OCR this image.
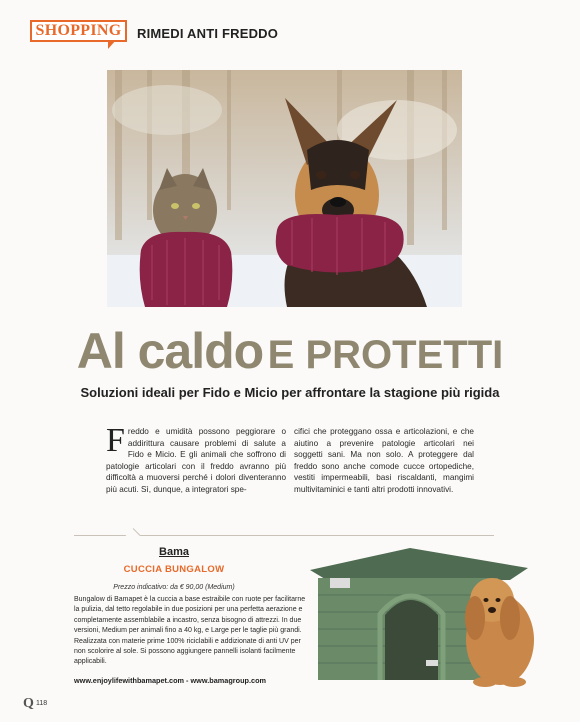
SHOPPING RIMEDI ANTI FREDDO
Al caldo E PROTETTI
Soluzioni ideali per Fido e Micio per affrontare la stagione più rigida
F reddo e umidità possono peggiorare o addirittura causare problemi di salute a Fido e Micio. E gli animali che soffrono di patologie articolari con il freddo avranno più difficoltà a muoversi perché i dolori diventeranno più acuti. Sì, dunque, a integratori spe-
cifici che proteggano ossa e articolazioni, e che aiutino a prevenire patologie articolari nei soggetti sani. Ma non solo. A proteggere dal freddo sono anche comode cucce ortopediche, vestiti impermeabili, basi riscaldanti, mangimi multivitaminici e tanti altri prodotti innovativi.
Bama
CUCCIA BUNGALOW
Prezzo indicativo: da € 90,00 (Medium)
Bungalow di Bamapet è la cuccia a base estraibile con ruote per facilitarne la pulizia, dal tetto regolabile in due posizioni per una perfetta aerazione e completamente assemblabile a incastro, senza bisogno di attrezzi. In due versioni, Medium per animali fino a 40 kg, e Large per le taglie più grandi. Realizzata con materie prime 100% riciclabili e addizionate di anti UV per non scolorire al sole. Si possono aggiungere pannelli isolanti facilmente applicabili.
www.enjoylifewithbamapet.com - www.bamagroup.com
Q 118
